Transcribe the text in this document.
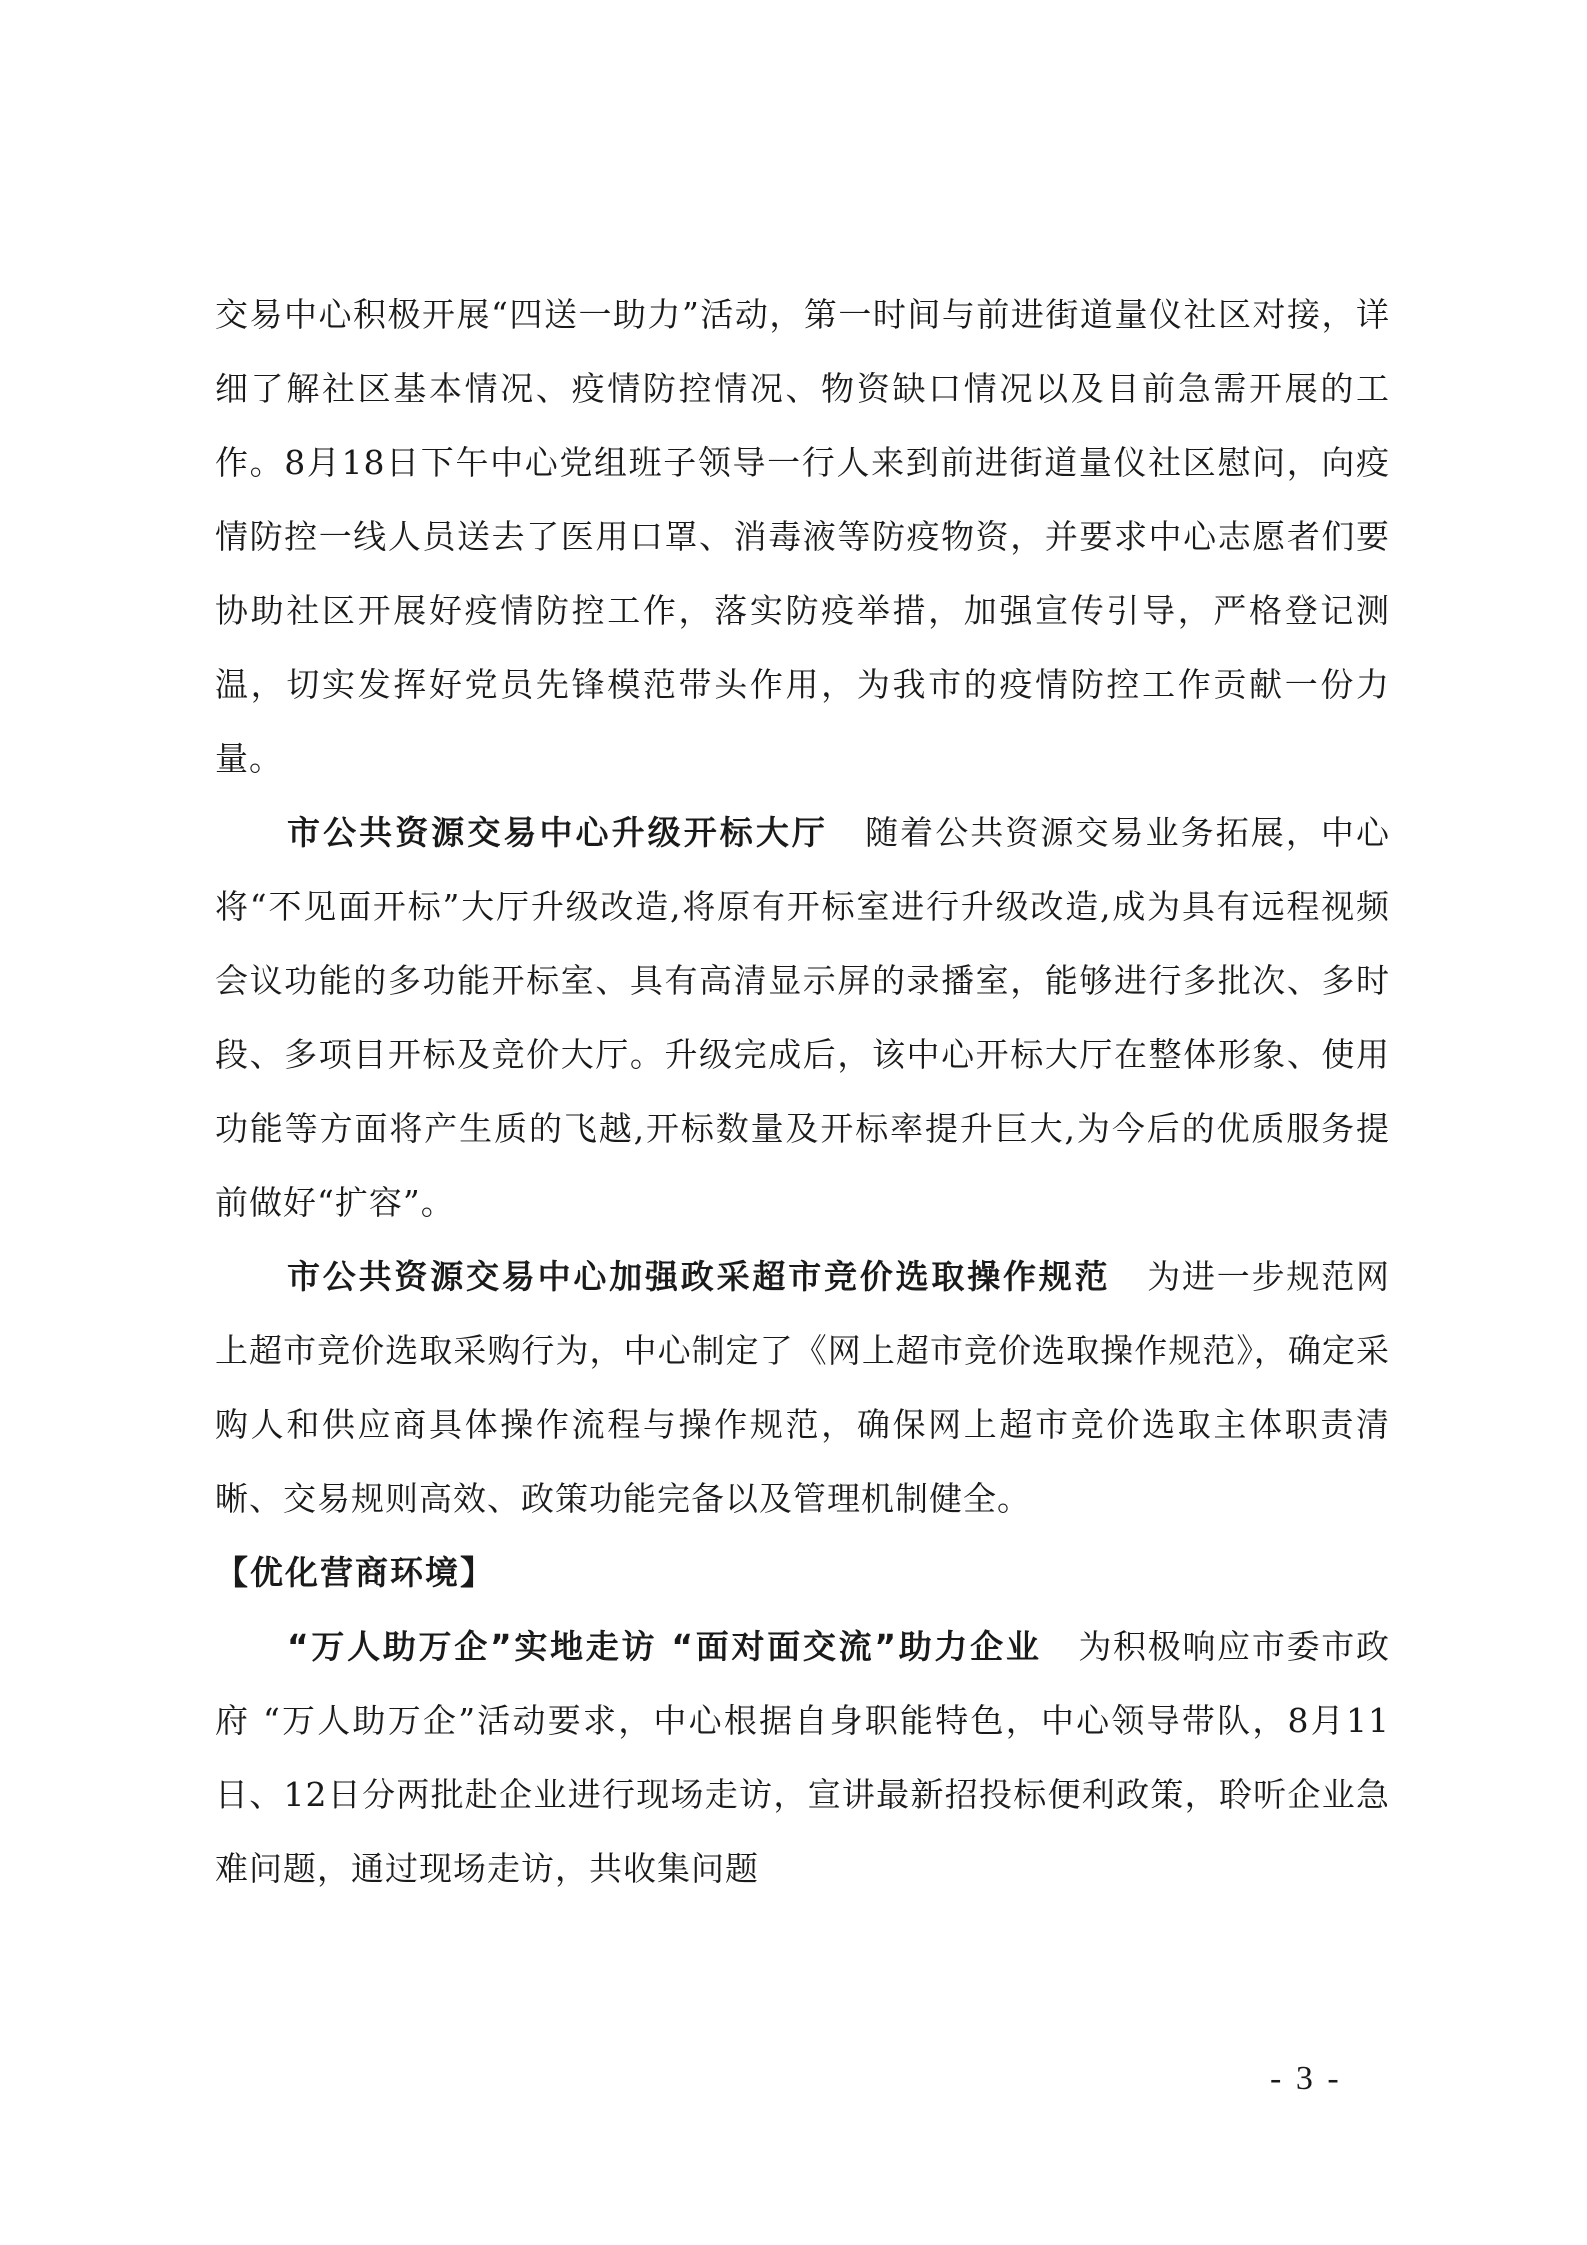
交易中心积极开展“四送一助力”活动，第一时间与前进街道量仪社区对接，详细了解社区基本情况、疫情防控情况、物资缺口情况以及目前急需开展的工作。8月18日下午中心党组班子领导一行人来到前进街道量仪社区慰问，向疫情防控一线人员送去了医用口罩、消毒液等防疫物资，并要求中心志愿者们要协助社区开展好疫情防控工作，落实防疫举措，加强宣传引导，严格登记测温，切实发挥好党员先锋模范带头作用，为我市的疫情防控工作贡献一份力量。

市公共资源交易中心升级开标大厅 随着公共资源交易业务拓展，中心将“不见面开标”大厅升级改造,将原有开标室进行升级改造,成为具有远程视频会议功能的多功能开标室、具有高清显示屏的录播室，能够进行多批次、多时段、多项目开标及竞价大厅。升级完成后，该中心开标大厅在整体形象、使用功能等方面将产生质的飞越,开标数量及开标率提升巨大,为今后的优质服务提前做好“扩容”。

市公共资源交易中心加强政采超市竞价选取操作规范 为进一步规范网上超市竞价选取采购行为，中心制定了《网上超市竞价选取操作规范》，确定采购人和供应商具体操作流程与操作规范，确保网上超市竞价选取主体职责清晰、交易规则高效、政策功能完备以及管理机制健全。

【优化营商环境】

“万人助万企”实地走访 “面对面交流”助力企业 为积极响应市委市政府 “万人助万企”活动要求，中心根据自身职能特色，中心领导带队，8月11日、12日分两批赴企业进行现场走访，宣讲最新招投标便利政策，聆听企业急难问题，通过现场走访，共收集问题

- 3 -
